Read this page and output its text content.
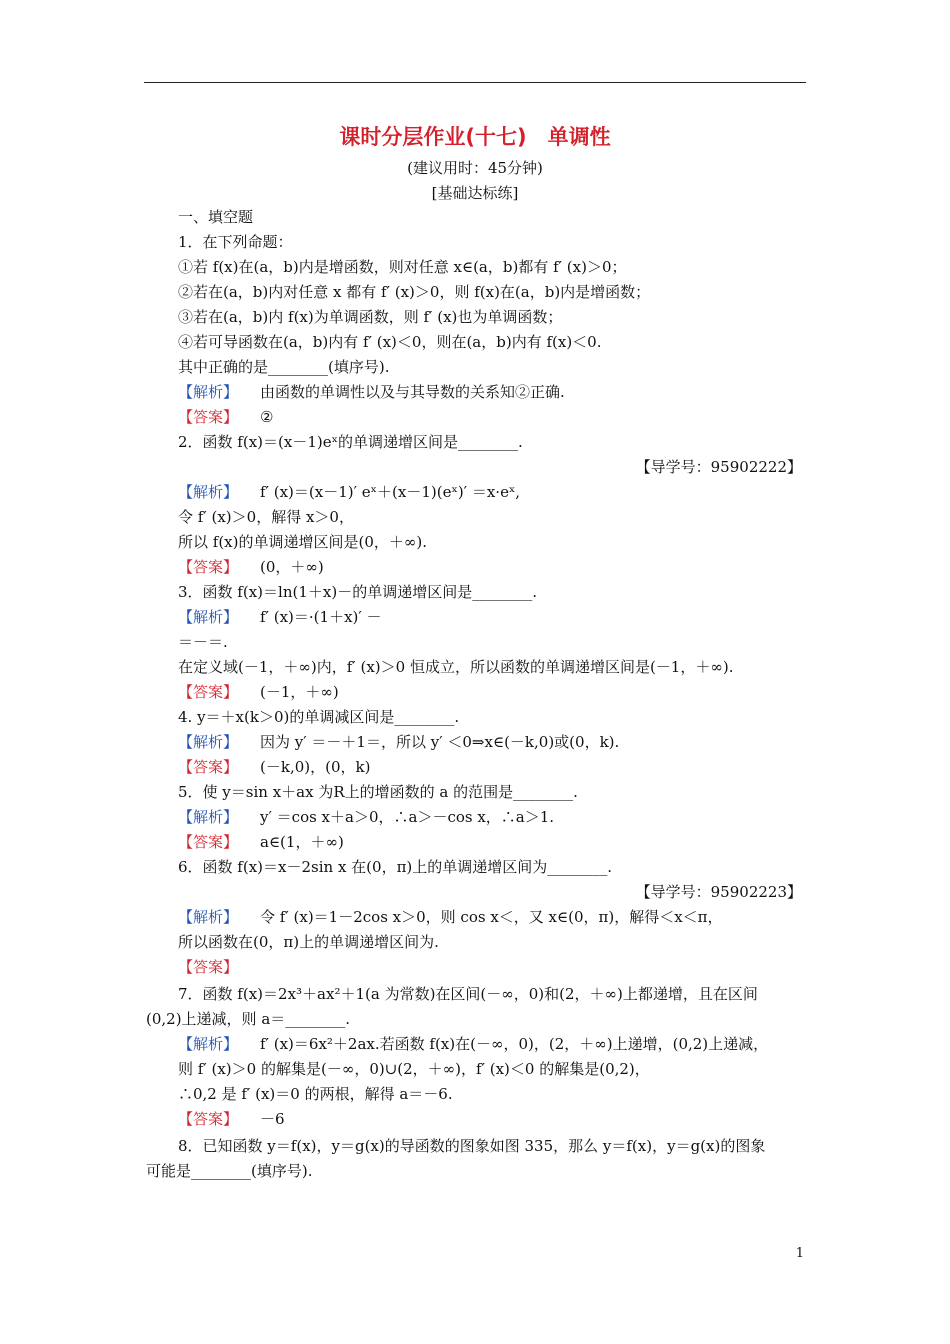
课时分层作业(十七)　单调性
(建议用时：45分钟)
[基础达标练]
一、填空题
1．在下列命题：
①若 f(x)在(a，b)内是增函数，则对任意 x∈(a，b)都有 f′ (x)＞0；
②若在(a，b)内对任意 x 都有 f′ (x)＞0，则 f(x)在(a，b)内是增函数；
③若在(a，b)内 f(x)为单调函数，则 f′ (x)也为单调函数；
④若可导函数在(a，b)内有 f′ (x)＜0，则在(a，b)内有 f(x)＜0.
其中正确的是________(填序号).
【解析】 由函数的单调性以及与其导数的关系知②正确.
【答案】 ②
2．函数 f(x)＝(x－1)eˣ的单调递增区间是________.
【导学号：95902222】
【解析】 f′ (x)＝(x－1)′ eˣ＋(x－1)(eˣ)′ ＝x·eˣ,
令 f′ (x)＞0，解得 x＞0，
所以 f(x)的单调递增区间是(0，＋∞).
【答案】 (0，＋∞)
3．函数 f(x)＝ln(1＋x)－的单调递增区间是________.
【解析】 f′ (x)＝·(1＋x)′ －
＝－＝.
在定义域(－1，＋∞)内，f′ (x)＞0 恒成立，所以函数的单调递增区间是(－1，＋∞).
【答案】 (－1，＋∞)
4. y＝＋x(k＞0)的单调减区间是________.
【解析】 因为 y′ ＝－＋1＝，所以 y′ ＜0⇒x∈(－k,0)或(0，k).
【答案】 (－k,0)，(0，k)
5．使 y＝sin x＋ax 为R上的增函数的 a 的范围是________.
【解析】 y′ ＝cos x＋a＞0，∴a＞－cos x，∴a＞1.
【答案】 a∈(1，＋∞)
6．函数 f(x)＝x－2sin x 在(0，π)上的单调递增区间为________.
【导学号：95902223】
【解析】 令 f′ (x)＝1－2cos x＞0，则 cos x＜，又 x∈(0，π)，解得＜x＜π，
所以函数在(0，π)上的单调递增区间为.
【答案】
7．函数 f(x)＝2x³＋ax²＋1(a 为常数)在区间(－∞，0)和(2，＋∞)上都递增，且在区间
(0,2)上递减，则 a＝________.
【解析】 f′ (x)＝6x²＋2ax.若函数 f(x)在(－∞，0)，(2，＋∞)上递增，(0,2)上递减，
则 f′ (x)＞0 的解集是(－∞，0)∪(2，＋∞)，f′ (x)＜0 的解集是(0,2)，
∴0,2 是 f′ (x)＝0 的两根，解得 a＝－6.
【答案】 －6
8．已知函数 y＝f(x)，y＝g(x)的导函数的图象如图 335，那么 y＝f(x)，y＝g(x)的图象
可能是________(填序号).
1
